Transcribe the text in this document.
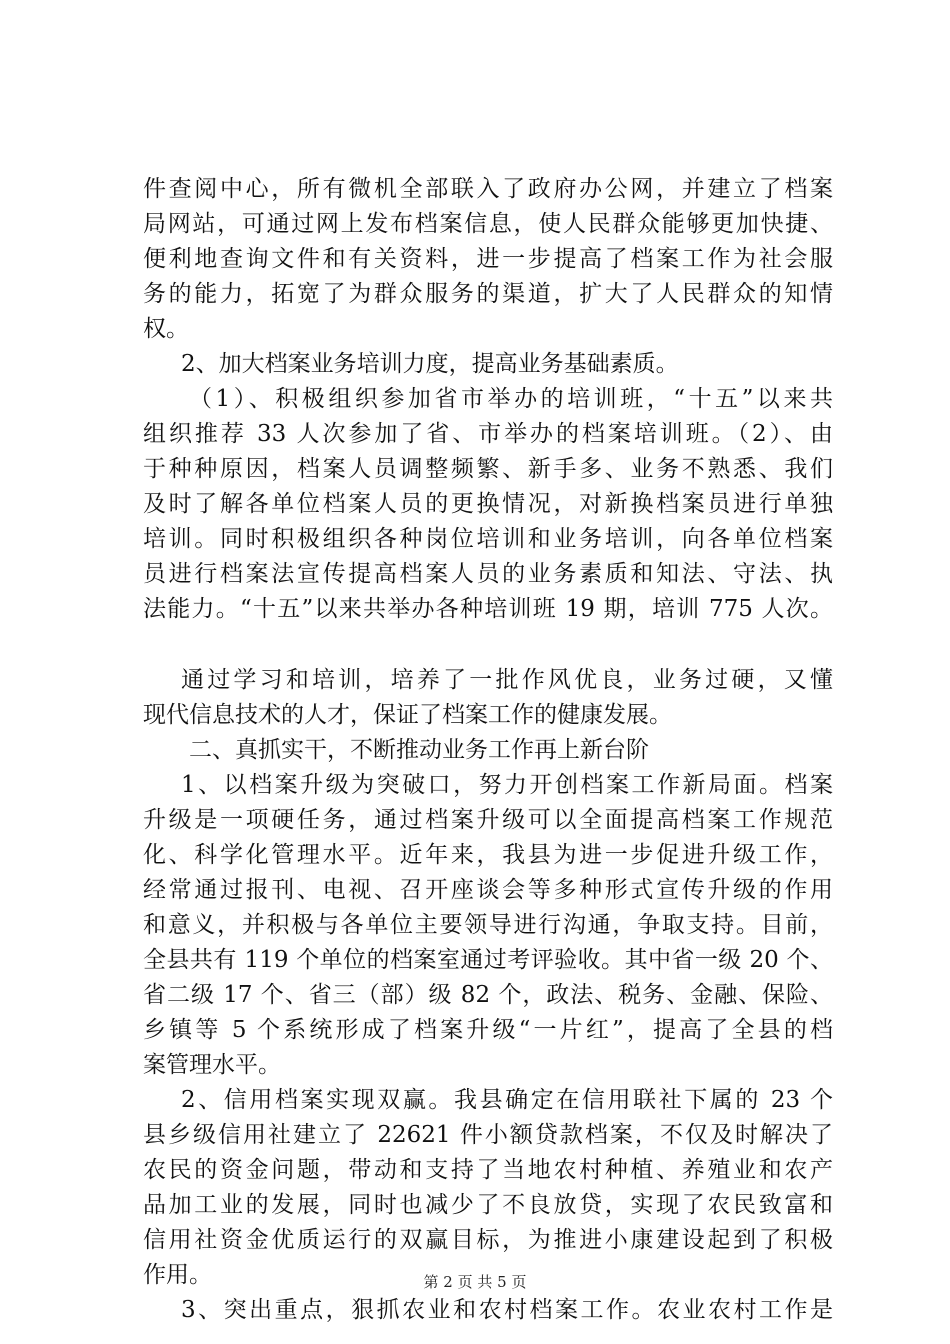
件查阅中心，所有微机全部联入了政府办公网，并建立了档案
局网站，可通过网上发布档案信息，使人民群众能够更加快捷、
便利地查询文件和有关资料，进一步提高了档案工作为社会服
务的能力，拓宽了为群众服务的渠道，扩大了人民群众的知情
权。
2、加大档案业务培训力度，提高业务基础素质。
（1）、积极组织参加省市举办的培训班，“十五”以来共
组织推荐 33 人次参加了省、市举办的档案培训班。（2）、由
于种种原因，档案人员调整频繁、新手多、业务不熟悉、我们
及时了解各单位档案人员的更换情况，对新换档案员进行单独
培训。同时积极组织各种岗位培训和业务培训，向各单位档案
员进行档案法宣传提高档案人员的业务素质和知法、守法、执
法能力。“十五”以来共举办各种培训班 19 期，培训 775 人次。
通过学习和培训，培养了一批作风优良，业务过硬，又懂
现代信息技术的人才，保证了档案工作的健康发展。
二、真抓实干，不断推动业务工作再上新台阶
1、以档案升级为突破口，努力开创档案工作新局面。档案
升级是一项硬任务，通过档案升级可以全面提高档案工作规范
化、科学化管理水平。近年来，我县为进一步促进升级工作，
经常通过报刊、电视、召开座谈会等多种形式宣传升级的作用
和意义，并积极与各单位主要领导进行沟通，争取支持。目前，
全县共有 119 个单位的档案室通过考评验收。其中省一级 20 个、
省二级 17 个、省三（部）级 82 个，政法、税务、金融、保险、
乡镇等 5 个系统形成了档案升级“一片红”，提高了全县的档
案管理水平。
2、信用档案实现双赢。我县确定在信用联社下属的 23 个
县乡级信用社建立了 22621 件小额贷款档案，不仅及时解决了
农民的资金问题，带动和支持了当地农村种植、养殖业和农产
品加工业的发展，同时也减少了不良放贷，实现了农民致富和
信用社资金优质运行的双赢目标，为推进小康建设起到了积极
作用。
3、突出重点，狠抓农业和农村档案工作。农业农村工作是
第 2 页 共 5 页
